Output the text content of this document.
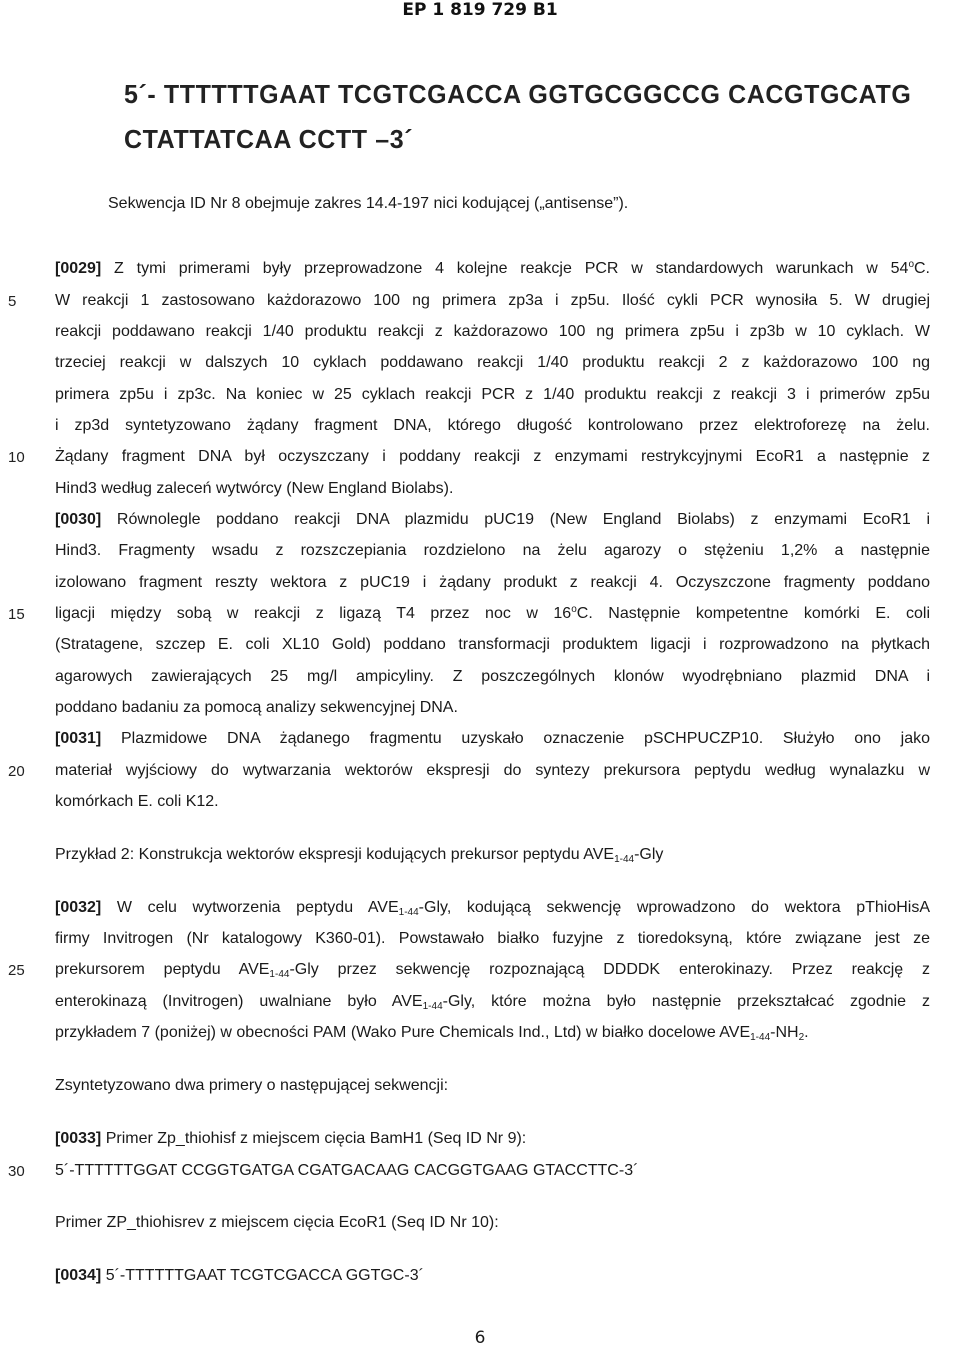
EP 1 819 729 B1
5´- TTTTTTGAAT TCGTCGACCA GGTGCGGCCG CACGTGCATG
CTATTATCAA CCTT –3´
Sekwencja ID Nr 8 obejmuje zakres 14.4-197 nici kodującej („antisense”).
5
10
15
20
25
30
[0029] Z tymi primerami były przeprowadzone 4 kolejne reakcje PCR w standardowych warunkach w 54$^o$C.
W reakcji 1 zastosowano każdorazowo 100 ng primera zp3a i zp5u. Ilość cykli PCR wynosiła 5. W drugiej
reakcji poddawano reakcji 1/40 produktu reakcji z każdorazowo 100 ng primera zp5u i zp3b w 10 cyklach. W
trzeciej reakcji w dalszych 10 cyklach poddawano reakcji 1/40 produktu reakcji 2 z każdorazowo 100 ng
primera zp5u i zp3c. Na koniec w 25 cyklach reakcji PCR z 1/40 produktu reakcji z reakcji 3 i primerów zp5u
i zp3d syntetyzowano żądany fragment DNA, którego długość kontrolowano przez elektroforezę na żelu.
Żądany fragment DNA był oczyszczany i poddany reakcji z enzymami restrykcyjnymi EcoR1 a następnie z
Hind3 według zaleceń wytwórcy (New England Biolabs).
[0030] Równolegle poddano reakcji DNA plazmidu pUC19 (New England Biolabs) z enzymami EcoR1 i
Hind3. Fragmenty wsadu z rozszczepiania rozdzielono na żelu agarozy o stężeniu 1,2% a następnie
izolowano fragment reszty wektora z pUC19 i żądany produkt z reakcji 4. Oczyszczone fragmenty poddano
ligacji między sobą w reakcji z ligazą T4 przez noc w 16$^o$C. Następnie kompetentne komórki E. coli
(Stratagene, szczep E. coli XL10 Gold) poddano transformacji produktem ligacji i rozprowadzono na płytkach
agarowych zawierających 25 mg/l ampicyliny. Z poszczególnych klonów wyodrębniano plazmid DNA i
poddano badaniu za pomocą analizy sekwencyjnej DNA.
[0031] Plazmidowe DNA żądanego fragmentu uzyskało oznaczenie pSCHPUCZP10. Służyło ono jako
materiał wyjściowy do wytwarzania wektorów ekspresji do syntezy prekursora peptydu według wynalazku w
komórkach E. coli K12.
Przykład 2: Konstrukcja wektorów ekspresji kodujących prekursor peptydu $AVE_{1-44}$-Gly
[0032] W celu wytworzenia peptydu $AVE_{1-44}$-Gly, kodującą sekwencję wprowadzono do wektora pThioHisA
firmy Invitrogen (Nr katalogowy K360-01). Powstawało białko fuzyjne z tioredoksyną, które związane jest ze
prekursorem peptydu $AVE_{1-44}$-Gly przez sekwencję rozpoznającą DDDDK enterokinazy. Przez reakcję z
enterokinazą (Invitrogen) uwalniane było $AVE_{1-44}$-Gly, które można było następnie przekształcać zgodnie z
przykładem 7 (poniżej) w obecności PAM (Wako Pure Chemicals Ind., Ltd) w białko docelowe $AVE_{1-44}-NH_2$.
Zsyntetyzowano dwa primery o następującej sekwencji:
[0033] Primer Zp_thiohisf z miejscem cięcia BamH1 (Seq ID Nr 9):
5´-TTTTTTGGAT CCGGTGATGA CGATGACAAG CACGGTGAAG GTACCTTC-3´
Primer ZP_thiohisrev z miejscem cięcia EcoR1 (Seq ID Nr 10):
[0034] 5´-TTTTTTGAAT TCGTCGACCA GGTGC-3´
6
